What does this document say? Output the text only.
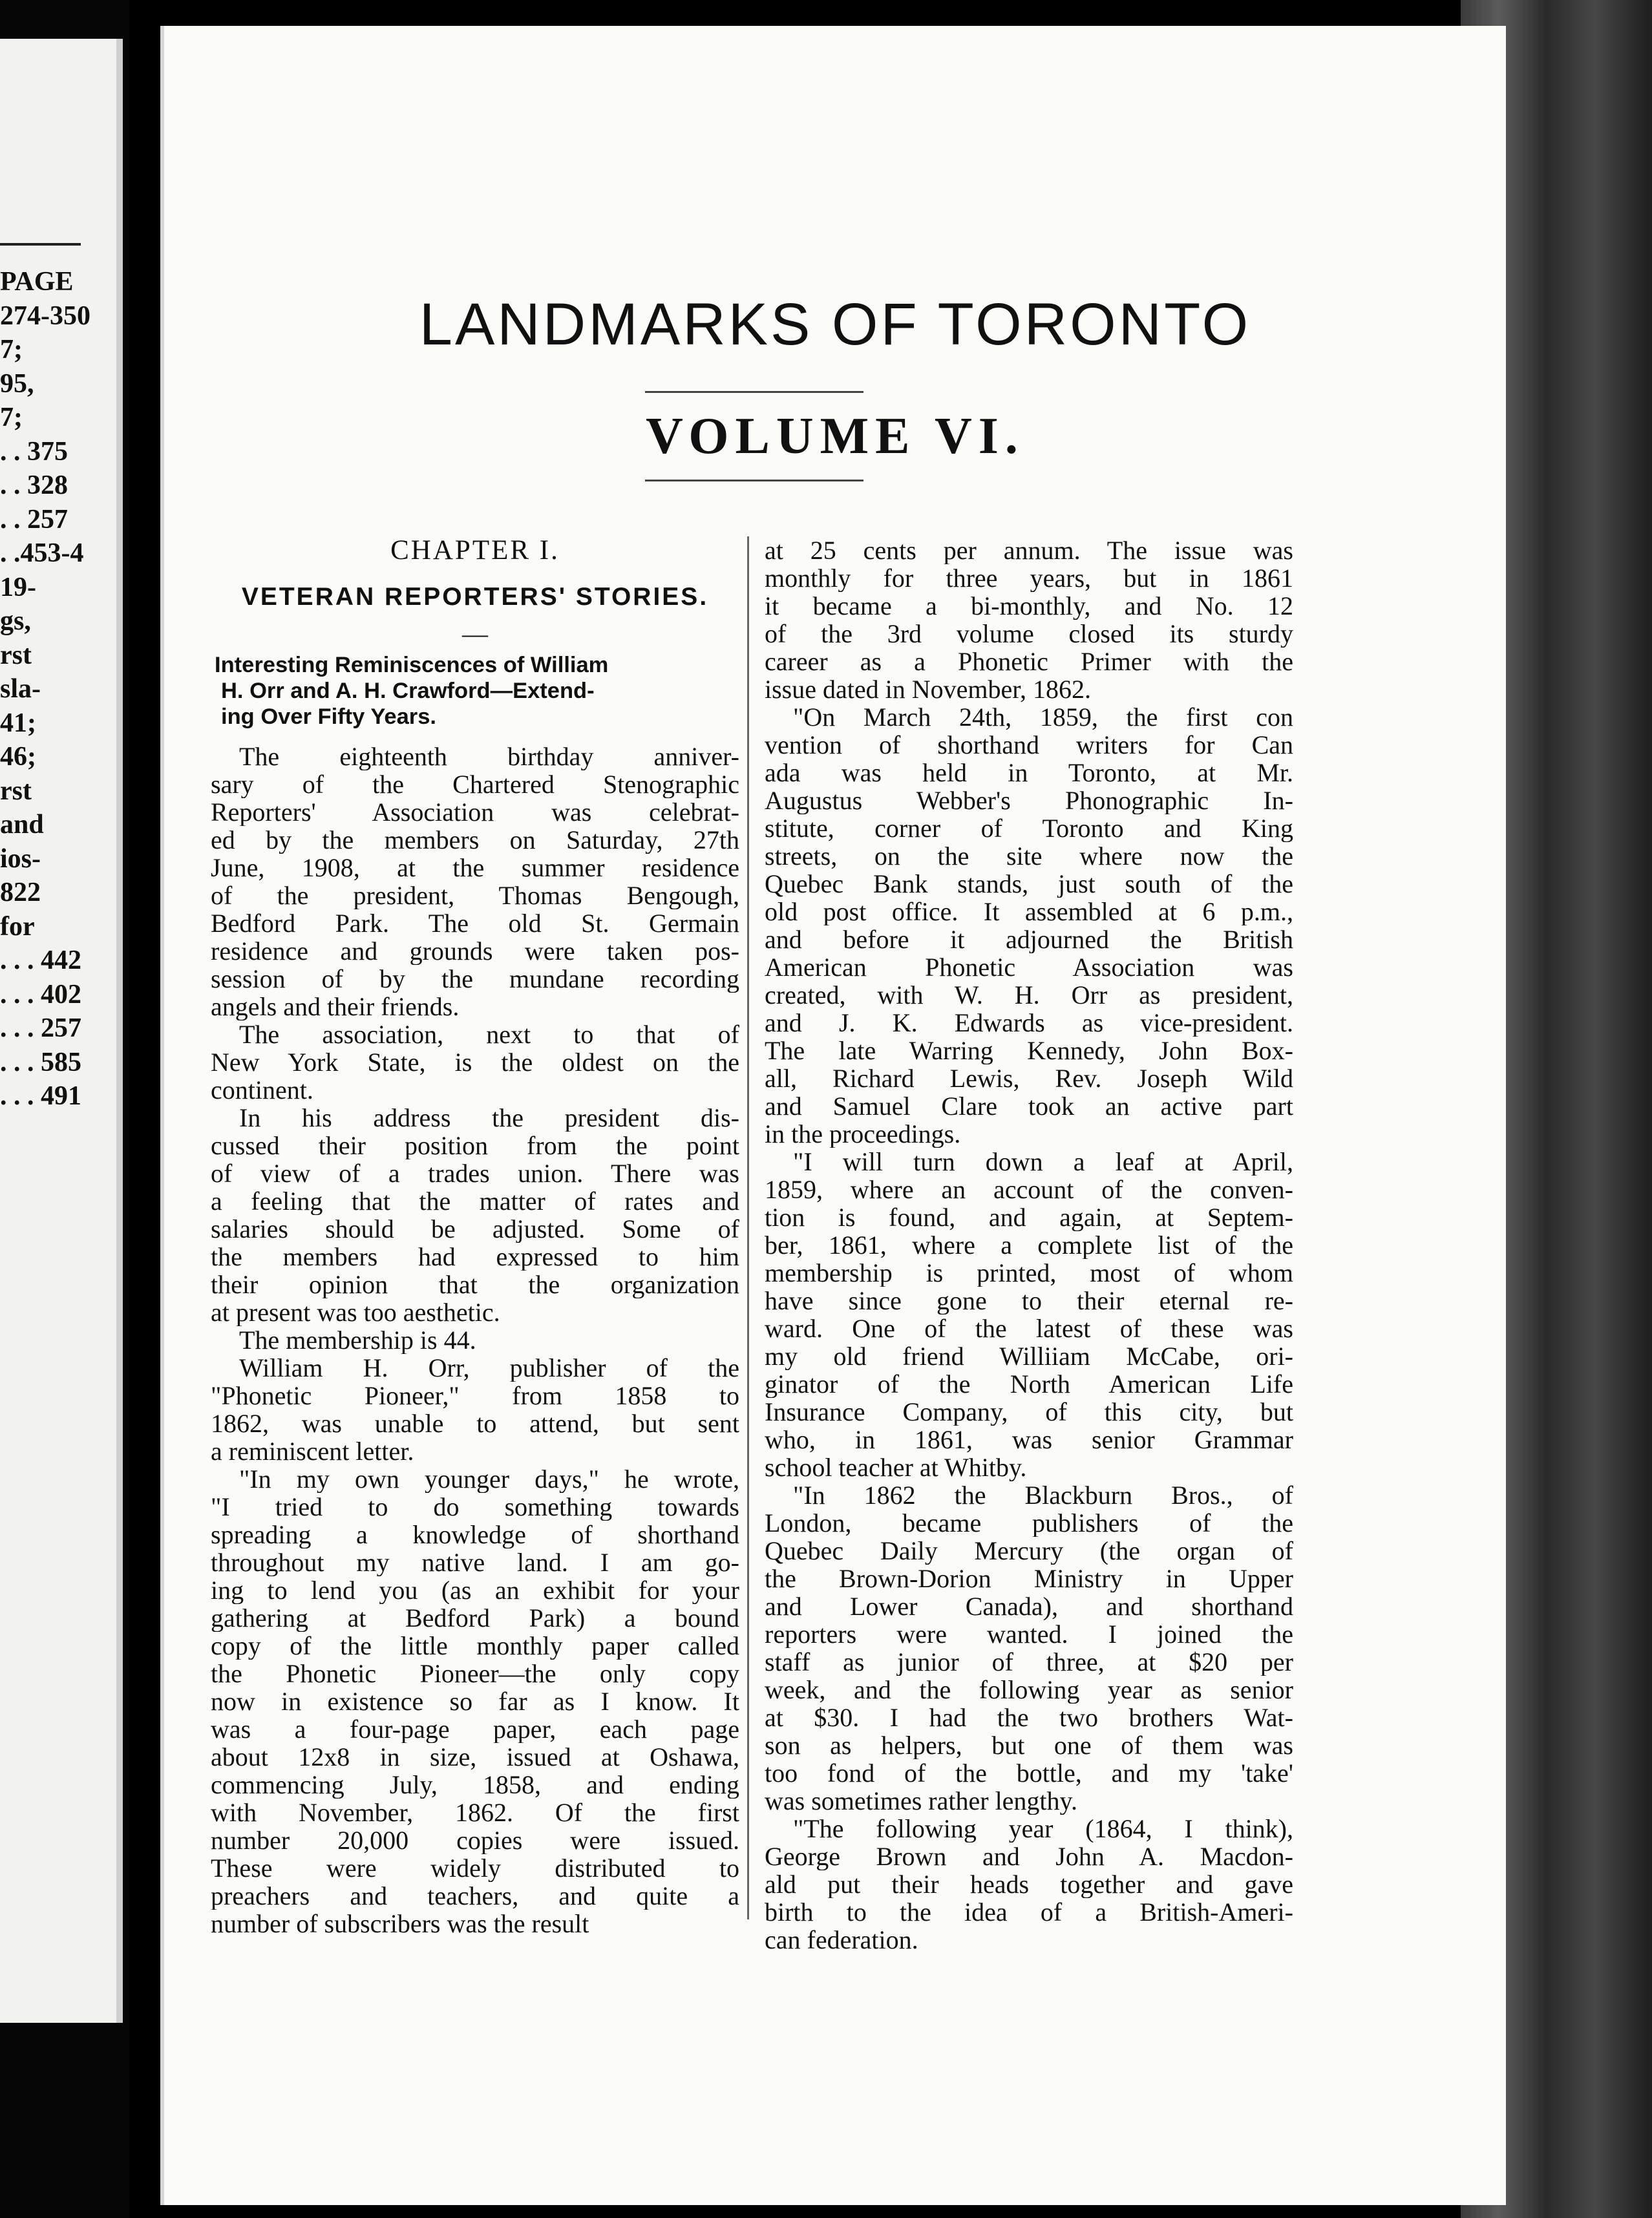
PAGE
274-350
7;
95,
7;
. . 375
. . 328
. . 257
. .453-4
19-
gs,
rst
sla-
41;
46;
rst
and
ios-
822
for
. . . 442
. . . 402
. . . 257
. . . 585
. . . 491
LANDMARKS OF TORONTO
VOLUME VI.
CHAPTER I.
VETERAN REPORTERS' STORIES.
—
Interesting Reminiscences of William
H. Orr and A. H. Crawford—Extend-
ing Over Fifty Years.
The eighteenth birthday anniver-
sary of the Chartered Stenographic
Reporters' Association was celebrat-
ed by the members on Saturday, 27th
June, 1908, at the summer residence
of the president, Thomas Bengough,
Bedford Park. The old St. Germain
residence and grounds were taken pos-
session of by the mundane recording
angels and their friends.
The association, next to that of
New York State, is the oldest on the
continent.
In his address the president dis-
cussed their position from the point
of view of a trades union. There was
a feeling that the matter of rates and
salaries should be adjusted. Some of
the members had expressed to him
their opinion that the organization
at present was too aesthetic.
The membership is 44.
William H. Orr, publisher of the
"Phonetic Pioneer," from 1858 to
1862, was unable to attend, but sent
a reminiscent letter.
"In my own younger days," he wrote,
"I tried to do something towards
spreading a knowledge of shorthand
throughout my native land. I am go-
ing to lend you (as an exhibit for your
gathering at Bedford Park) a bound
copy of the little monthly paper called
the Phonetic Pioneer—the only copy
now in existence so far as I know. It
was a four-page paper, each page
about 12x8 in size, issued at Oshawa,
commencing July, 1858, and ending
with November, 1862. Of the first
number 20,000 copies were issued.
These were widely distributed to
preachers and teachers, and quite a
number of subscribers was the result
at 25 cents per annum. The issue was
monthly for three years, but in 1861
it became a bi-monthly, and No. 12
of the 3rd volume closed its sturdy
career as a Phonetic Primer with the
issue dated in November, 1862.
"On March 24th, 1859, the first con
vention of shorthand writers for Can
ada was held in Toronto, at Mr.
Augustus Webber's Phonographic In-
stitute, corner of Toronto and King
streets, on the site where now the
Quebec Bank stands, just south of the
old post office. It assembled at 6 p.m.,
and before it adjourned the British
American Phonetic Association was
created, with W. H. Orr as president,
and J. K. Edwards as vice-president.
The late Warring Kennedy, John Box-
all, Richard Lewis, Rev. Joseph Wild
and Samuel Clare took an active part
in the proceedings.
"I will turn down a leaf at April,
1859, where an account of the conven-
tion is found, and again, at Septem-
ber, 1861, where a complete list of the
membership is printed, most of whom
have since gone to their eternal re-
ward. One of the latest of these was
my old friend Williiam McCabe, ori-
ginator of the North American Life
Insurance Company, of this city, but
who, in 1861, was senior Grammar
school teacher at Whitby.
"In 1862 the Blackburn Bros., of
London, became publishers of the
Quebec Daily Mercury (the organ of
the Brown-Dorion Ministry in Upper
and Lower Canada), and shorthand
reporters were wanted. I joined the
staff as junior of three, at $20 per
week, and the following year as senior
at $30. I had the two brothers Wat-
son as helpers, but one of them was
too fond of the bottle, and my 'take'
was sometimes rather lengthy.
"The following year (1864, I think),
George Brown and John A. Macdon-
ald put their heads together and gave
birth to the idea of a British-Ameri-
can federation.
